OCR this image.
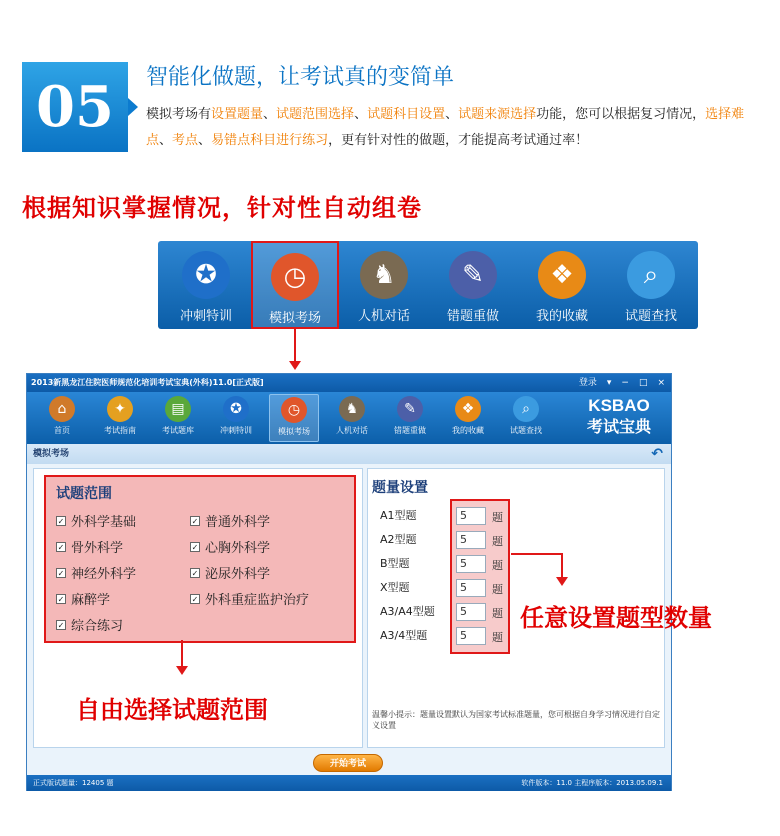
05 智能化做题，让考试真的变简单
模拟考场有设置题量、试题范围选择、试题科目设置、试题来源选择功能，您可以根据复习情况，选择难点、考点、易错点科目进行练习，更有针对性的做题，才能提高考试通过率！
根据知识掌握情况，针对性自动组卷
✪
冲刺特训
◷
模拟考场
♞
人机对话
✎
错题重做
❖
我的收藏
⌕
试题查找
2013新黑龙江住院医师规范化培训考试宝典(外科)11.0[正式版]	登录 ▾ − □ ×
KSBAO
考试宝典
⌂
首页
✦
考试指南
▤
考试题库
✪
冲刺特训
◷
模拟考场
♞
人机对话
✎
错题重做
❖
我的收藏
⌕
试题查找
模拟考场	↶
试题范围
✓ 外科学基础	✓ 普通外科学
✓ 骨外科学	✓ 心胸外科学
✓ 神经外科学	✓ 泌尿外科学
✓ 麻醉学	✓ 外科重症监护治疗
✓ 综合练习
题量设置
A1型题	5	题
A2型题	5	题
B型题	5	题
X型题	5	题
A3/A4型题	5	题
A3/4型题	5	题
温馨小提示：题量设置默认为国家考试标准题量，您可根据自身学习情况进行自定义设置
开始考试
正式版试题量：12405 题	软件版本：11.0 主程序版本：2013.05.09.1
自由选择试题范围
任意设置题型数量
